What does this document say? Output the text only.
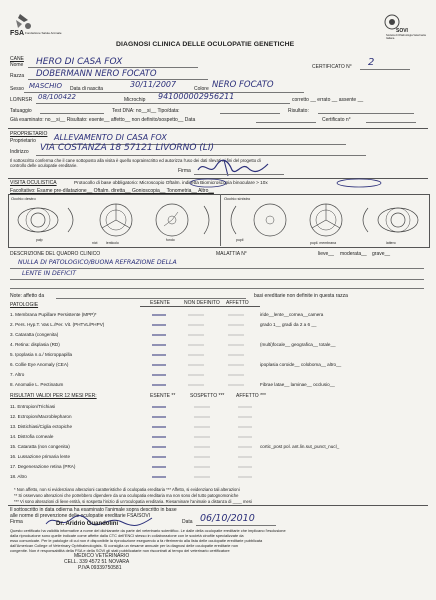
FSA Fondazione Salute Animale
DIAGNOSI CLINICA DELLE OCULOPATIE GENETICHE
SOVI
Società di Oftalmologia Veterinaria Italiana
CANE
Nome HERO DI CASA FOX	CERTIFICATO N° 2
Razza DOBERMANN NERO FOCATO
Sesso MASCHIO Data di nascita	30/11/2007	Colore NERO FOCATO
LO/NRSR 08/100422	Microchip 941000002956211	corretto __ errato __ assente __
Tatuaggio	Test DNA: no__si__ Tipo/data:	Risultato:
Già esaminato: no__si__ Risultato: esente__ affetto__ non definito/sospetto__ Data	Certificato n°
PROPRIETARIO
Proprietario ALLEVAMENTO DI CASA FOX
Indirizzo VIA COSTANZA 18 57121 LIVORNO (LI)
Il sottoscritto conferma che il cane sottoposto alla visita è quello soprainscritto ed autorizza l'uso dei dati rilevati ai fini del progetto di
controllo delle oculopatie ereditarie.
Firma
VISITA OCULISTICA	Protocollo di base obbligatorio: Microscopio Oftalm. indiretta Biomicroscopia binoculare > 10x
Facoltativo: Esame pre-dilatazione__ Oftalm. diretta__ Gonioscopia__ Tonometria__ Altro__
Occhio destro	Occhio sinistro
palp
nict lenticolo
fondo	pupil
pupil. membrana	lattero
DESCRIZIONE DEL QUADRO CLINICO	MALATTIA N°	lieve__ moderata__ grave__
NULLA DI PATOLOGICO/BUONA REFRAZIONE DELLA
LENTE IN DEFICIT
Note: affetto da	basi ereditarie non definite in questa razza
PATOLOGIE	ESENTE	NON DEFINITO AFFETTO
1. Membrana Pupillare Persistente (MPP)*	iride__lente__cornea__camera
2. Pers. Hyp.T. Vas L./Per. Vit. (PHTVL/PHPV)	grado 1__ gradi da 2 a 6 __
3. Cataratta (congenita)
4. Retina: displasia (RD)	(multi)focale__ geografica__ totale__
5. Ipoplasia n.o./ Microppapilla
6. Collie Eye Anomaly (CEA)	ipoplasia coroide__ coloboma__ altro__
7. Altro
8. Anomalie L. Pectinatum	Fibrae latae__ laminae__ occlusio__
RISULTATI VALIDI PER 12 MESI PER:	ESENTE **	SOSPETTO *** AFFETTO ***
11. Entropion/Trichiasi
12. Ectropion/Macroblepharon
13. Distichiasi/Ciglia ectopiche
14. Distrofia corneale
15. Cataratta (non congenita)	cortic_post pol. ant.lin.sut_punct_nucl_
16. Lussazione primaria lente
17. Degenerazione retina (PRA)
18. Altro
* Non affetto, non si evidenziano alterazioni caratteristiche di oculopatia ereditaria *** Affetto, si evidenziano tali alterazioni
** Si osservano alterazioni che potrebbero dipendere da una oculopatia ereditaria ma non sono del tutto patognomoniche
*** Vi sono alterazioni di lieve entità, si sospetta l'inizio di un'oculopatia ereditaria. Riesaminare l'animale a distanza di ____ mesi
Il sottoscritto in data odierna ha esaminato l'animale sopra descritto in base
alle norme di prevenzione delle oculopatie ereditarie FSA/SOVI
Firma	Dr. Aridrio Guandolini	Data 06/10/2010
Questo certificato ha validità informative a nome del dichiarante da parte del veterinario scientifico. Le dalle della oculopatie ereditarie che implicano l'esclusione
dalla riproduzione sono quelle indicate come affette dalla CTC dell'ENCI stesso in collaborazione con le società cinofile specializzate da
esso comunicate. Per le patologie di cui non è disponibile la riproduzione eseguendo a fa riferimento alla lista delle oculopatie ereditarie pubblicata
dall'American College of Veterinary Ophthalmologists. Si consiglia un riesame annuale per la diagnosi delle oculopatie ereditarie non
congenite. Non è responsabilità della FSA e della SOVI gli stati pubblicatarie non riscontrati al tempo del veterinario certificatore
MEDICO VETERINARIO
CELL. 339 4572 51 NOVARA
P.IVA 09339750581
